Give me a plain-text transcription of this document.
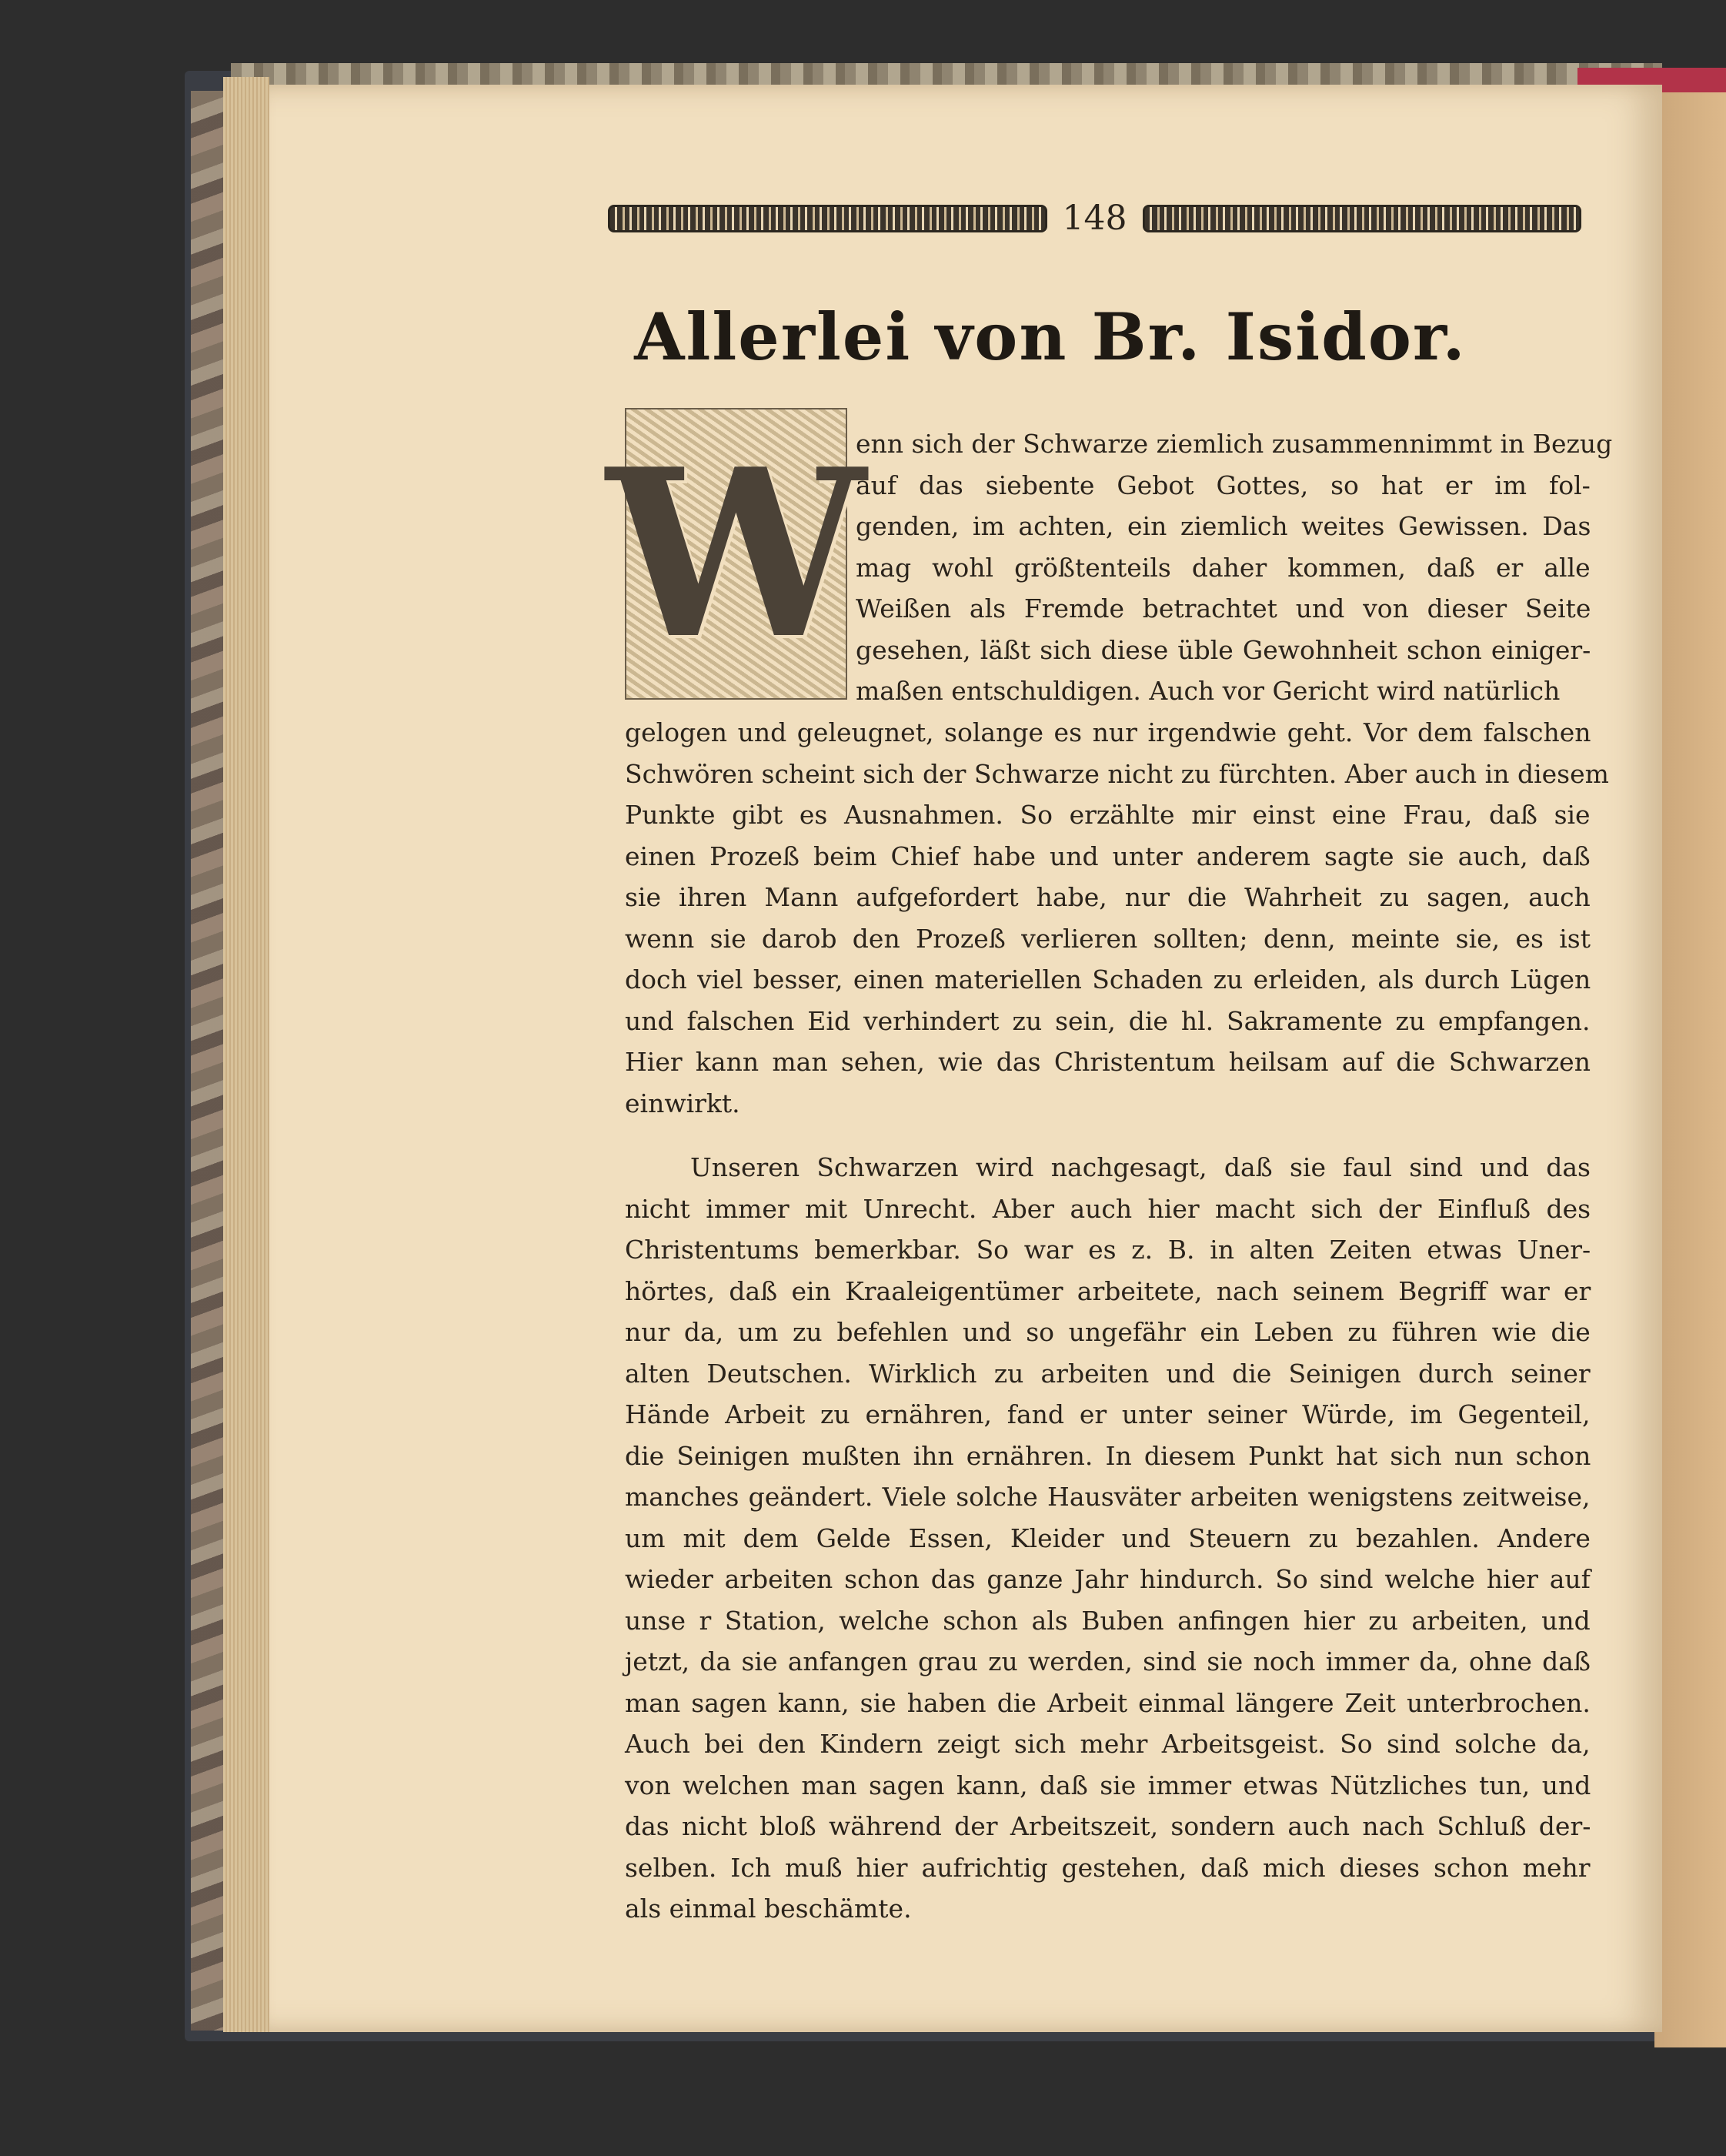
148
Allerlei von Br. Isidor.
W
enn sich der Schwarze ziemlich zusammennimmt in Bezug
auf das siebente Gebot Gottes, so hat er im fol-
genden, im achten, ein ziemlich weites Gewissen. Das
mag wohl größtenteils daher kommen, daß er alle
Weißen als Fremde betrachtet und von dieser Seite
gesehen, läßt sich diese üble Gewohnheit schon einiger-
maßen entschuldigen. Auch vor Gericht wird natürlich
gelogen und geleugnet, solange es nur irgendwie geht. Vor dem falschen
Schwören scheint sich der Schwarze nicht zu fürchten. Aber auch in diesem
Punkte gibt es Ausnahmen. So erzählte mir einst eine Frau, daß sie
einen Prozeß beim Chief habe und unter anderem sagte sie auch, daß
sie ihren Mann aufgefordert habe, nur die Wahrheit zu sagen, auch
wenn sie darob den Prozeß verlieren sollten; denn, meinte sie, es ist
doch viel besser, einen materiellen Schaden zu erleiden, als durch Lügen
und falschen Eid verhindert zu sein, die hl. Sakramente zu empfangen.
Hier kann man sehen, wie das Christentum heilsam auf die Schwarzen
einwirkt.
Unseren Schwarzen wird nachgesagt, daß sie faul sind und das
nicht immer mit Unrecht. Aber auch hier macht sich der Einfluß des
Christentums bemerkbar. So war es z. B. in alten Zeiten etwas Uner-
hörtes, daß ein Kraaleigentümer arbeitete, nach seinem Begriff war er
nur da, um zu befehlen und so ungefähr ein Leben zu führen wie die
alten Deutschen. Wirklich zu arbeiten und die Seinigen durch seiner
Hände Arbeit zu ernähren, fand er unter seiner Würde, im Gegenteil,
die Seinigen mußten ihn ernähren. In diesem Punkt hat sich nun schon
manches geändert. Viele solche Hausväter arbeiten wenigstens zeitweise,
um mit dem Gelde Essen, Kleider und Steuern zu bezahlen. Andere
wieder arbeiten schon das ganze Jahr hindurch. So sind welche hier auf
unse r Station, welche schon als Buben anfingen hier zu arbeiten, und
jetzt, da sie anfangen grau zu werden, sind sie noch immer da, ohne daß
man sagen kann, sie haben die Arbeit einmal längere Zeit unterbrochen.
Auch bei den Kindern zeigt sich mehr Arbeitsgeist. So sind solche da,
von welchen man sagen kann, daß sie immer etwas Nützliches tun, und
das nicht bloß während der Arbeitszeit, sondern auch nach Schluß der-
selben. Ich muß hier aufrichtig gestehen, daß mich dieses schon mehr
als einmal beschämte.
